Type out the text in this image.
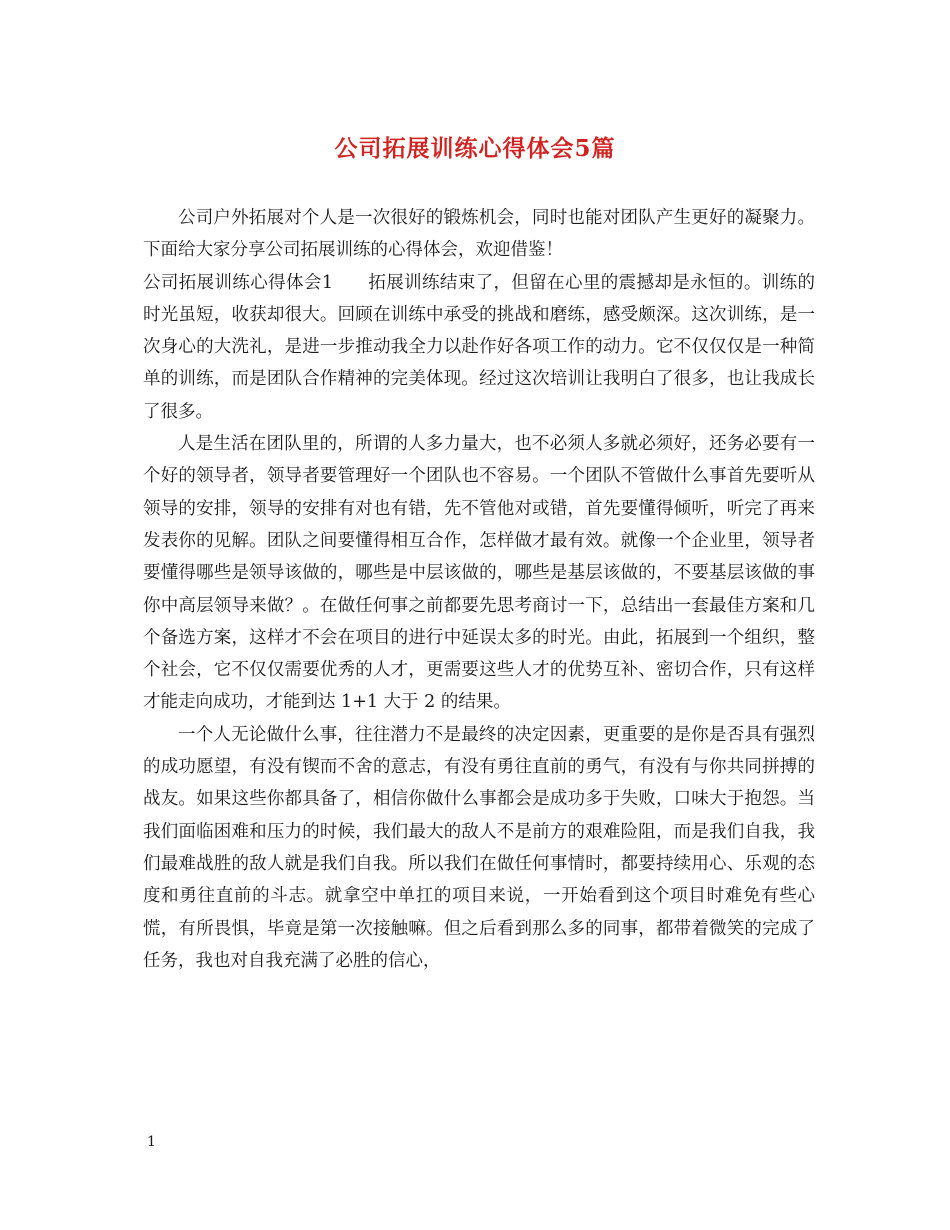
公司拓展训练心得体会5篇

公司户外拓展对个人是一次很好的锻炼机会，同时也能对团队产生更好的凝聚力。下面给大家分享公司拓展训练的心得体会，欢迎借鉴！

公司拓展训练心得体会1 拓展训练结束了，但留在心里的震撼却是永恒的。训练的时光虽短，收获却很大。回顾在训练中承受的挑战和磨练，感受颇深。这次训练，是一次身心的大洗礼，是进一步推动我全力以赴作好各项工作的动力。它不仅仅仅是一种简单的训练，而是团队合作精神的完美体现。经过这次培训让我明白了很多，也让我成长了很多。

人是生活在团队里的，所谓的人多力量大，也不必须人多就必须好，还务必要有一个好的领导者，领导者要管理好一个团队也不容易。一个团队不管做什么事首先要听从领导的安排，领导的安排有对也有错，先不管他对或错，首先要懂得倾听，听完了再来发表你的见解。团队之间要懂得相互合作，怎样做才最有效。就像一个企业里，领导者要懂得哪些是领导该做的，哪些是中层该做的，哪些是基层该做的，不要基层该做的事你中高层领导来做？。在做任何事之前都要先思考商讨一下，总结出一套最佳方案和几个备选方案，这样才不会在项目的进行中延误太多的时光。由此，拓展到一个组织，整个社会，它不仅仅需要优秀的人才，更需要这些人才的优势互补、密切合作，只有这样才能走向成功，才能到达 1+1 大于 2 的结果。

一个人无论做什么事，往往潜力不是最终的决定因素，更重要的是你是否具有强烈的成功愿望，有没有锲而不舍的意志，有没有勇往直前的勇气，有没有与你共同拼搏的战友。如果这些你都具备了，相信你做什么事都会是成功多于失败，口味大于抱怨。当我们面临困难和压力的时候，我们最大的敌人不是前方的艰难险阻，而是我们自我，我们最难战胜的敌人就是我们自我。所以我们在做任何事情时，都要持续用心、乐观的态度和勇往直前的斗志。就拿空中单扛的项目来说，一开始看到这个项目时难免有些心慌，有所畏惧，毕竟是第一次接触嘛。但之后看到那么多的同事，都带着微笑的完成了任务，我也对自我充满了必胜的信心，

1
